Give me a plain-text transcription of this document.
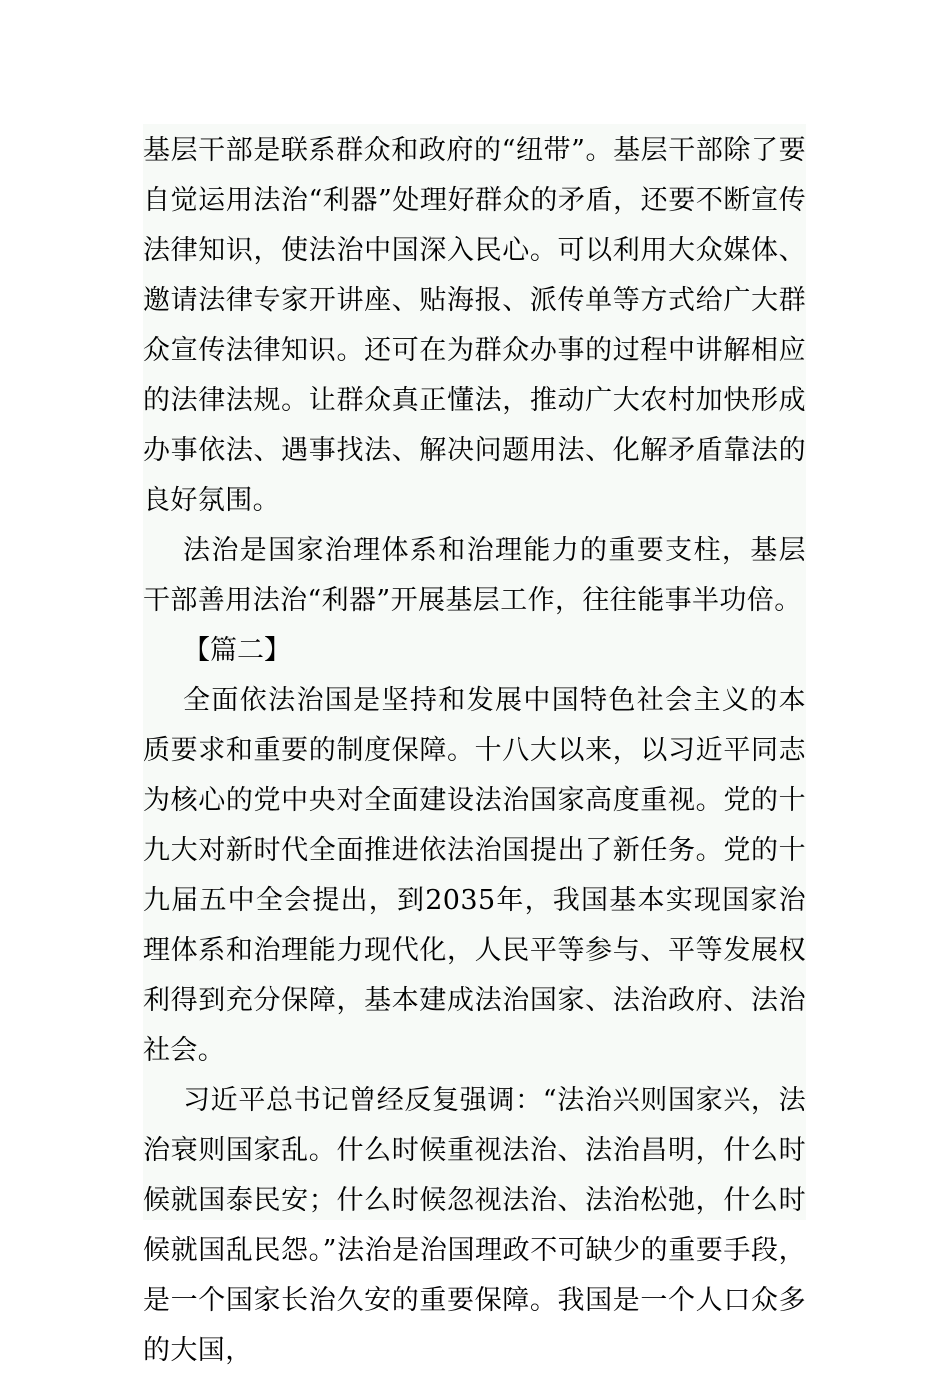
基层干部是联系群众和政府的“纽带”。基层干部除了要自觉运用法治“利器”处理好群众的矛盾，还要不断宣传法律知识，使法治中国深入民心。可以利用大众媒体、邀请法律专家开讲座、贴海报、派传单等方式给广大群众宣传法律知识。还可在为群众办事的过程中讲解相应的法律法规。让群众真正懂法，推动广大农村加快形成办事依法、遇事找法、解决问题用法、化解矛盾靠法的良好氛围。

法治是国家治理体系和治理能力的重要支柱，基层干部善用法治“利器”开展基层工作，往往能事半功倍。

【篇二】

全面依法治国是坚持和发展中国特色社会主义的本质要求和重要的制度保障。十八大以来，以习近平同志为核心的党中央对全面建设法治国家高度重视。党的十九大对新时代全面推进依法治国提出了新任务。党的十九届五中全会提出，到2035年，我国基本实现国家治理体系和治理能力现代化，人民平等参与、平等发展权利得到充分保障，基本建成法治国家、法治政府、法治社会。

习近平总书记曾经反复强调：“法治兴则国家兴，法治衰则国家乱。什么时候重视法治、法治昌明，什么时候就国泰民安；什么时候忽视法治、法治松弛，什么时候就国乱民怨。”法治是治国理政不可缺少的重要手段，是一个国家长治久安的重要保障。我国是一个人口众多的大国，
